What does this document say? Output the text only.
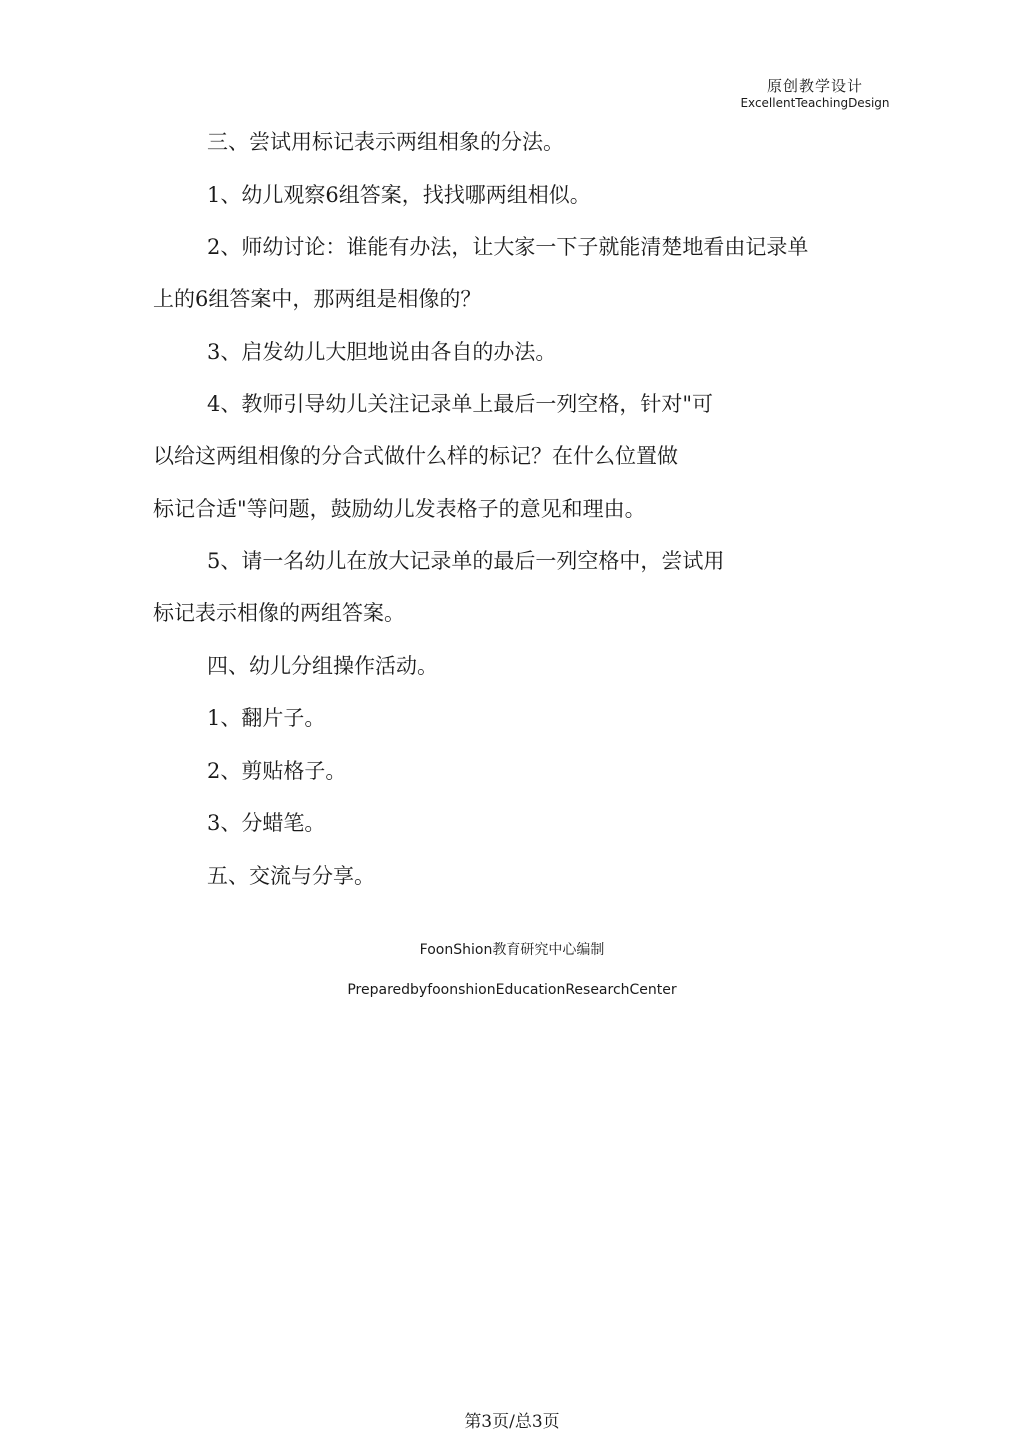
原创教学设计
ExcellentTeachingDesign
三、尝试用标记表示两组相象的分法。
1、幼儿观察6组答案，找找哪两组相似。
2、师幼讨论：谁能有办法，让大家一下子就能清楚地看由记录单
上的6组答案中，那两组是相像的？
3、启发幼儿大胆地说由各自的办法。
4、教师引导幼儿关注记录单上最后一列空格，针对"可
以给这两组相像的分合式做什么样的标记？在什么位置做
标记合适"等问题，鼓励幼儿发表格子的意见和理由。
5、请一名幼儿在放大记录单的最后一列空格中，尝试用
标记表示相像的两组答案。
四、幼儿分组操作活动。
1、翻片子。
2、剪贴格子。
3、分蜡笔。
五、交流与分享。
FoonShion教育研究中心编制
PreparedbyfoonshionEducationResearchCenter
第3页/总3页
